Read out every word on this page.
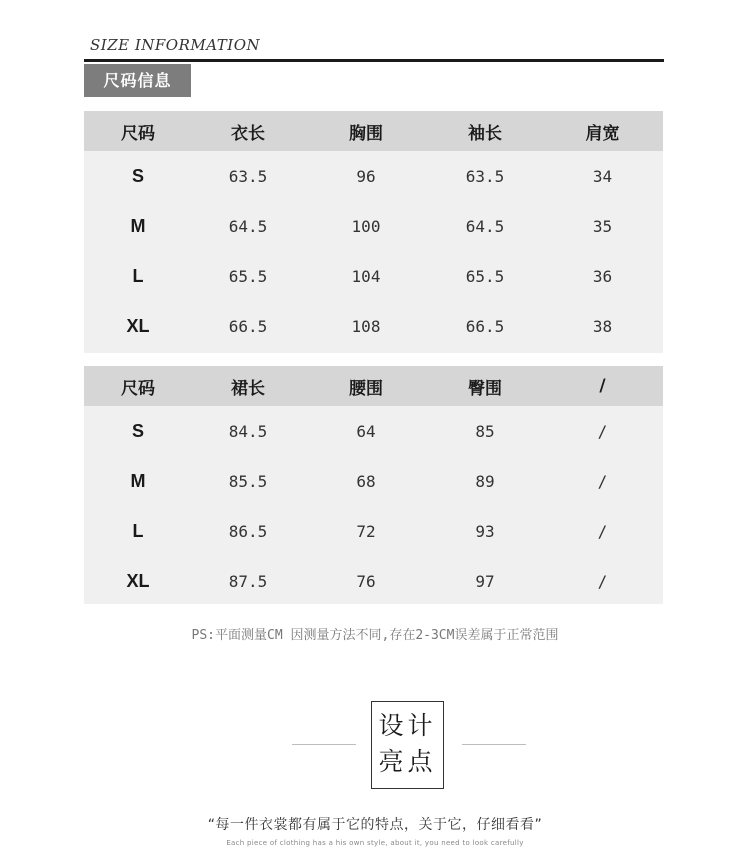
SIZE INFORMATION
尺码信息
尺码	衣长	胸围	袖长	肩宽
S	63.5	96	63.5	34
M	64.5	100	64.5	35
L	65.5	104	65.5	36
XL	66.5	108	66.5	38
尺码	裙长	腰围	臀围	/
S	84.5	64	85	/
M	85.5	68	89	/
L	86.5	72	93	/
XL	87.5	76	97	/
PS:平面测量CM 因测量方法不同,存在2-3CM误差属于正常范围
设计
亮点
“每一件衣裳都有属于它的特点，关于它，仔细看看”
Each piece of clothing has a his own style, about it, you need to look carefully
